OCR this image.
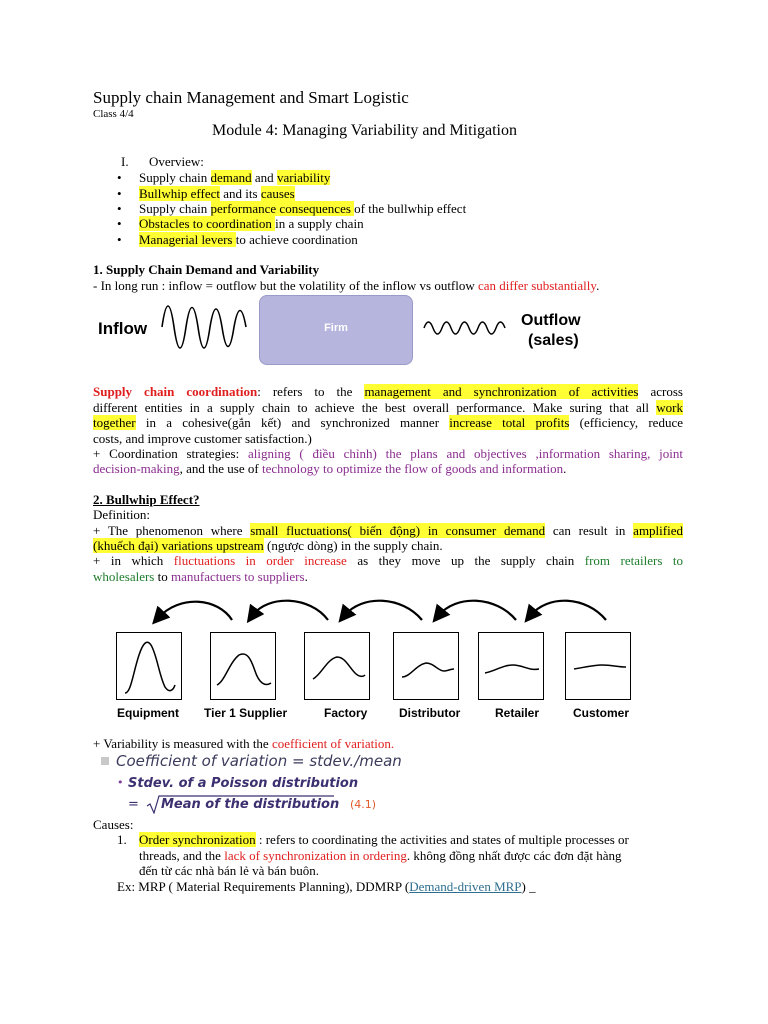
Supply chain Management and Smart Logistic
Class 4/4
Module 4: Managing Variability and Mitigation
I. Overview:
• Supply chain demand and variability
• Bullwhip effect and its causes
• Supply chain performance consequences of the bullwhip effect
• Obstacles to coordination in a supply chain
• Managerial levers to achieve coordination
1. Supply Chain Demand and Variability
- In long run : inflow = outflow but the volatility of the inflow vs outflow can differ substantially.
Inflow	Firm	Outflow
(sales)
Supply chain coordination: refers to the management and synchronization of activities across
different entities in a supply chain to achieve the best overall performance. Make suring that all work
together in a cohesive(gắn kết) and synchronized manner increase total profits (efficiency, reduce
costs, and improve customer satisfaction.)
+ Coordination strategies: aligning ( điều chỉnh) the plans and objectives ,information sharing, joint
decision-making, and the use of technology to optimize the flow of goods and information.
2. Bullwhip Effect?
Definition:
+ The phenomenon where small fluctuations( biến động) in consumer demand can result in amplified
(khuếch đại) variations upstream (ngược dòng) in the supply chain.
+ in which fluctuations in order increase as they move up the supply chain from retailers to
wholesalers to manufactuers to suppliers.
Equipment Tier 1 Supplier	Factory	Distributor	Retailer	Customer
+ Variability is measured with the coefficient of variation.
Coefficient of variation = stdev./mean
• Stdev. of a Poisson distribution
= Mean of the distribution (4.1)
Causes:
1. Order synchronization : refers to coordinating the activities and states of multiple processes or
threads, and the lack of synchronization in ordering. không đồng nhất được các đơn đặt hàng
đến từ các nhà bán lẻ và bán buôn.
Ex: MRP ( Material Requirements Planning), DDMRP (Demand-driven MRP) _
